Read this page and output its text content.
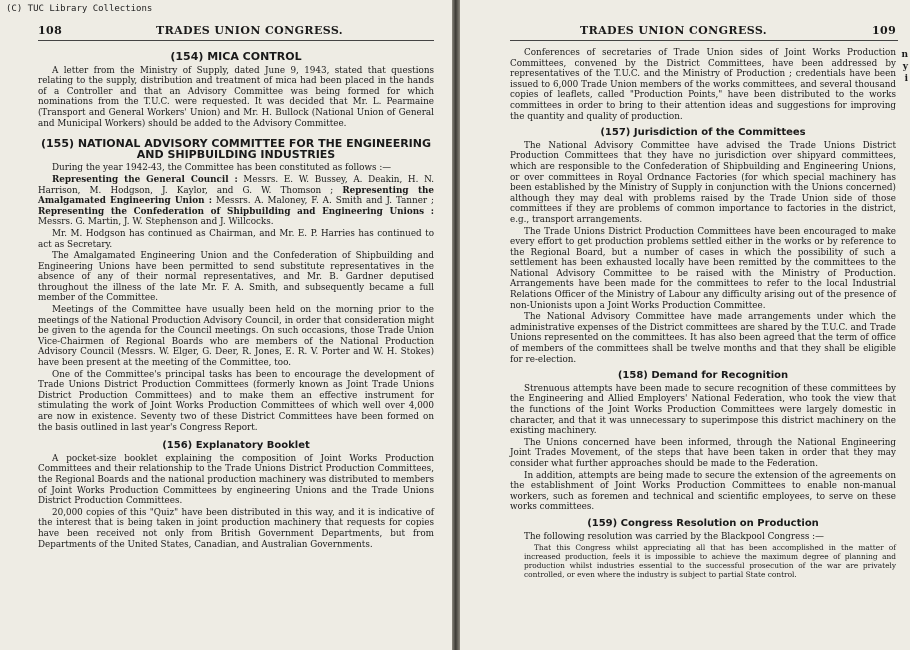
(C) TUC Library Collections
108	TRADES UNION CONGRESS.
(154) MICA CONTROL

A letter from the Ministry of Supply, dated June 9, 1943, stated that questions relating to the supply, distribution and treatment of mica had been placed in the hands of a Controller and that an Advisory Committee was being formed for which nominations from the T.U.C. were requested. It was decided that Mr. L. Pearmaine (Transport and General Workers' Union) and Mr. H. Bullock (National Union of General and Municipal Workers) should be added to the Advisory Committee.

(155) NATIONAL ADVISORY COMMITTEE FOR THE ENGINEERING AND SHIPBUILDING INDUSTRIES

During the year 1942-43, the Committee has been constituted as follows :—

Representing the General Council : Messrs. E. W. Bussey, A. Deakin, H. N. Harrison, M. Hodgson, J. Kaylor, and G. W. Thomson ; Representing the Amalgamated Engineering Union : Messrs. A. Maloney, F. A. Smith and J. Tanner ; Representing the Confederation of Shipbuilding and Engineering Unions : Messrs. G. Martin, J. W. Stephenson and J. Willcocks.

Mr. M. Hodgson has continued as Chairman, and Mr. E. P. Harries has continued to act as Secretary.

The Amalgamated Engineering Union and the Confederation of Shipbuilding and Engineering Unions have been permitted to send substitute representatives in the absence of any of their normal representatives, and Mr. B. Gardner deputised throughout the illness of the late Mr. F. A. Smith, and subsequently became a full member of the Committee.

Meetings of the Committee have usually been held on the morning prior to the meetings of the National Production Advisory Council, in order that consideration might be given to the agenda for the Council meetings. On such occasions, those Trade Union Vice-Chairmen of Regional Boards who are members of the National Production Advisory Council (Messrs. W. Elger, G. Deer, R. Jones, E. R. V. Porter and W. H. Stokes) have been present at the meeting of the Committee, too.

One of the Committee's principal tasks has been to encourage the development of Trade Unions District Production Committees (formerly known as Joint Trade Unions District Production Committees) and to make them an effective instrument for stimulating the work of Joint Works Production Committees of which well over 4,000 are now in existence. Seventy two of these District Committees have been formed on the basis outlined in last year's Congress Report.

(156) Explanatory Booklet

A pocket-size booklet explaining the composition of Joint Works Production Committees and their relationship to the Trade Unions District Production Committees, the Regional Boards and the national production machinery was distributed to members of Joint Works Production Committees by engineering Unions and the Trade Unions District Production Committees.

20,000 copies of this "Quiz" have been distributed in this way, and it is indicative of the interest that is being taken in joint production machinery that requests for copies have been received not only from British Government Departments, but from Departments of the United States, Canadian, and Australian Governments.

TRADES UNION CONGRESS.	109
n
y
i

Conferences of secretaries of Trade Union sides of Joint Works Production Committees, convened by the District Committees, have been addressed by representatives of the T.U.C. and the Ministry of Production ; credentials have been issued to 6,000 Trade Union members of the works committees, and several thousand copies of leaflets, called "Production Points," have been distributed to the works committees in order to bring to their attention ideas and suggestions for improving the quantity and quality of production.

(157) Jurisdiction of the Committees

The National Advisory Committee have advised the Trade Unions District Production Committees that they have no jurisdiction over shipyard committees, which are responsible to the Confederation of Shipbuilding and Engineering Unions, or over committees in Royal Ordnance Factories (for which special machinery has been established by the Ministry of Supply in conjunction with the Unions concerned) although they may deal with problems raised by the Trade Union side of those committees if they are problems of common importance to factories in the district, e.g., transport arrangements.

The Trade Unions District Production Committees have been encouraged to make every effort to get production problems settled either in the works or by reference to the Regional Board, but a number of cases in which the possibility of such a settlement has been exhausted locally have been remitted by the committees to the National Advisory Committee to be raised with the Ministry of Production. Arrangements have been made for the committees to refer to the local Industrial Relations Officer of the Ministry of Labour any difficulty arising out of the presence of non-Unionists upon a Joint Works Production Committee.

The National Advisory Committee have made arrangements under which the administrative expenses of the District committees are shared by the T.U.C. and Trade Unions represented on the committees. It has also been agreed that the term of office of members of the committees shall be twelve months and that they shall be eligible for re-election.

(158) Demand for Recognition

Strenuous attempts have been made to secure recognition of these committees by the Engineering and Allied Employers' National Federation, who took the view that the functions of the Joint Works Production Committees were largely domestic in character, and that it was unnecessary to superimpose this district machinery on the existing machinery.

The Unions concerned have been informed, through the National Engineering Joint Trades Movement, of the steps that have been taken in order that they may consider what further approaches should be made to the Federation.

In addition, attempts are being made to secure the extension of the agreements on the establishment of Joint Works Production Committees to enable non-manual workers, such as foremen and technical and scientific employees, to serve on these works committees.

(159) Congress Resolution on Production

The following resolution was carried by the Blackpool Congress :—

That this Congress whilst appreciating all that has been accomplished in the matter of increased production, feels it is impossible to achieve the maximum degree of planning and production whilst industries essential to the successful prosecution of the war are privately controlled, or even where the industry is subject to partial State control.
